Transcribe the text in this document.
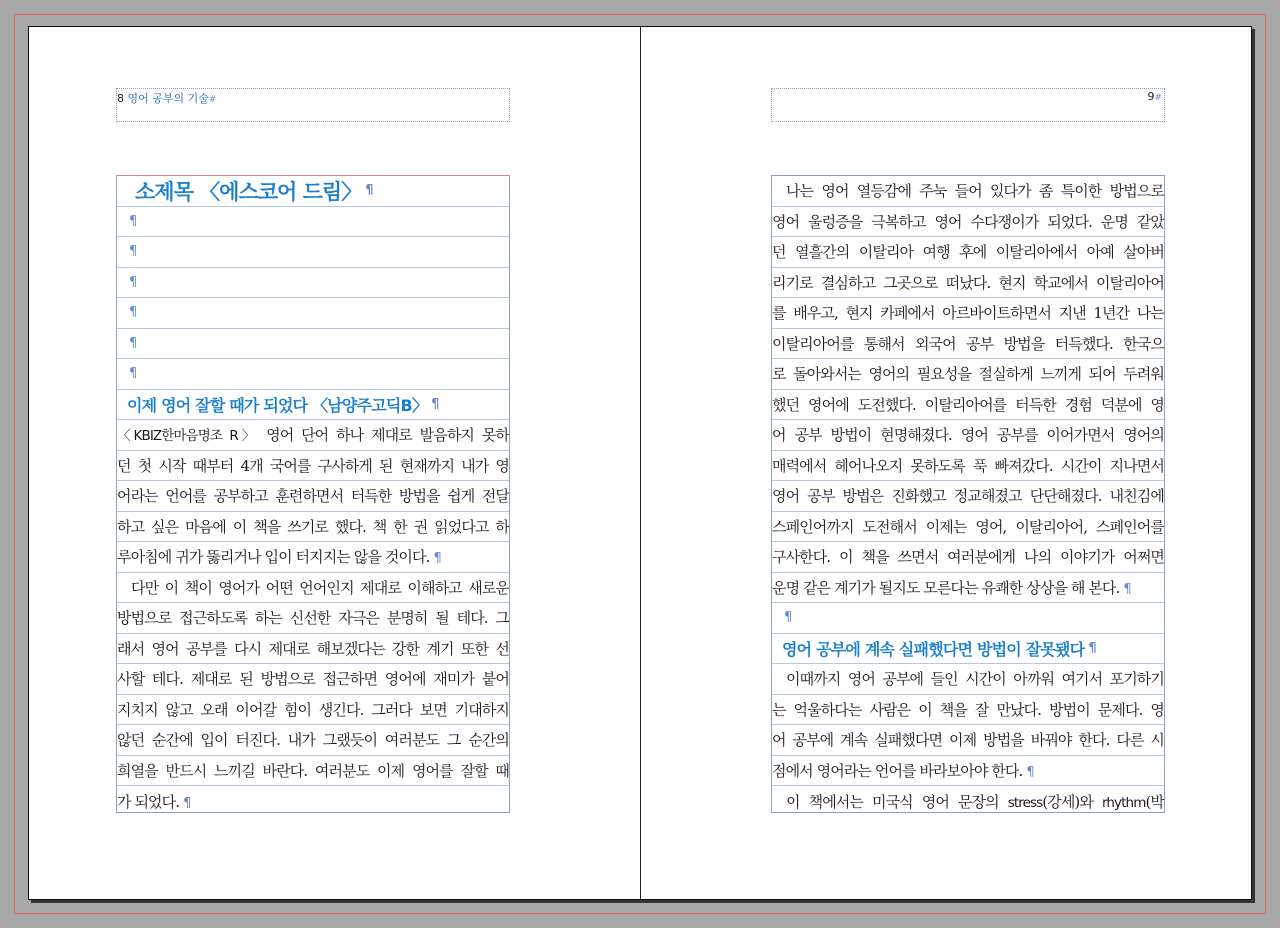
8 영어 공부의 기술#	9#
소제목 〈에스코어 드림〉 ¶
¶
¶
¶
¶
¶
¶
이제 영어 잘할 때가 되었다 〈남양주고딕B〉 ¶
〈KBIZ한마음명조 R〉 영어 단어 하나 제대로 발음하지 못하
던 첫 시작 때부터 4개 국어를 구사하게 된 현재까지 내가 영
어라는 언어를 공부하고 훈련하면서 터득한 방법을 쉽게 전달
하고 싶은 마음에 이 책을 쓰기로 했다. 책 한 권 읽었다고 하
루아침에 귀가 뚫리거나 입이 터지지는 않을 것이다. ¶
다만 이 책이 영어가 어떤 언어인지 제대로 이해하고 새로운
방법으로 접근하도록 하는 신선한 자극은 분명히 될 테다. 그
래서 영어 공부를 다시 제대로 해보겠다는 강한 계기 또한 선
사할 테다. 제대로 된 방법으로 접근하면 영어에 재미가 붙어
지치지 않고 오래 이어갈 힘이 생긴다. 그러다 보면 기대하지
않던 순간에 입이 터진다. 내가 그랬듯이 여러분도 그 순간의
희열을 반드시 느끼길 바란다. 여러분도 이제 영어를 잘할 때
가 되었다. ¶
나는 영어 열등감에 주눅 들어 있다가 좀 특이한 방법으로
영어 울렁증을 극복하고 영어 수다쟁이가 되었다. 운명 같았
던 열흘간의 이탈리아 여행 후에 이탈리아에서 아예 살아버
리기로 결심하고 그곳으로 떠났다. 현지 학교에서 이탈리아어
를 배우고, 현지 카페에서 아르바이트하면서 지낸 1년간 나는
이탈리아어를 통해서 외국어 공부 방법을 터득했다. 한국으
로 돌아와서는 영어의 필요성을 절실하게 느끼게 되어 두려워
했던 영어에 도전했다. 이탈리아어를 터득한 경험 덕분에 영
어 공부 방법이 현명해졌다. 영어 공부를 이어가면서 영어의
매력에서 헤어나오지 못하도록 푹 빠져갔다. 시간이 지나면서
영어 공부 방법은 진화했고 정교해졌고 단단해졌다. 내친김에
스페인어까지 도전해서 이제는 영어, 이탈리아어, 스페인어를
구사한다. 이 책을 쓰면서 여러분에게 나의 이야기가 어쩌면
운명 같은 계기가 될지도 모른다는 유쾌한 상상을 해 본다. ¶
¶
영어 공부에 계속 실패했다면 방법이 잘못됐다 ¶
이때까지 영어 공부에 들인 시간이 아까워 여기서 포기하기
는 억울하다는 사람은 이 책을 잘 만났다. 방법이 문제다. 영
어 공부에 계속 실패했다면 이제 방법을 바꿔야 한다. 다른 시
점에서 영어라는 언어를 바라보아야 한다. ¶
이 책에서는 미국식 영어 문장의 stress(강세)와 rhythm(박
